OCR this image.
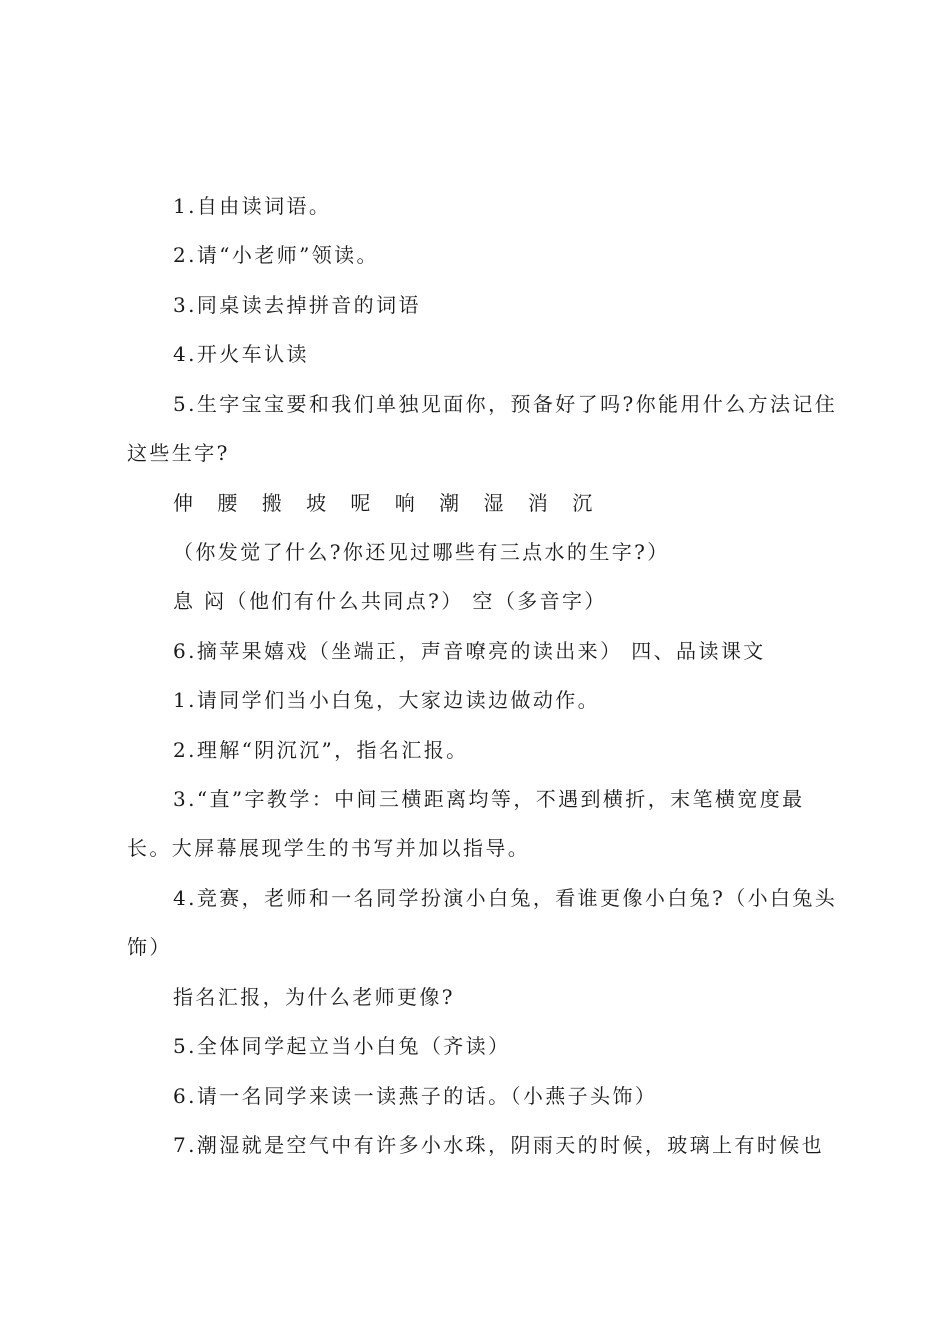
1.自由读词语。

2.请“小老师”领读。

3.同桌读去掉拼音的词语

4.开火车认读

5.生字宝宝要和我们单独见面你，预备好了吗?你能用什么方法记住这些生字?

伸 腰 搬 坡 呢 响 潮 湿 消 沉

（你发觉了什么?你还见过哪些有三点水的生字?）

息 闷（他们有什么共同点?） 空（多音字）

6.摘苹果嬉戏（坐端正，声音嘹亮的读出来） 四、品读课文

1.请同学们当小白兔，大家边读边做动作。

2.理解“阴沉沉”，指名汇报。

3.“直”字教学：中间三横距离均等，不遇到横折，末笔横宽度最长。大屏幕展现学生的书写并加以指导。

4.竞赛，老师和一名同学扮演小白兔，看谁更像小白兔?（小白兔头饰）

指名汇报，为什么老师更像?

5.全体同学起立当小白兔（齐读）

6.请一名同学来读一读燕子的话。（小燕子头饰）

7.潮湿就是空气中有许多小水珠，阴雨天的时候，玻璃上有时候也
